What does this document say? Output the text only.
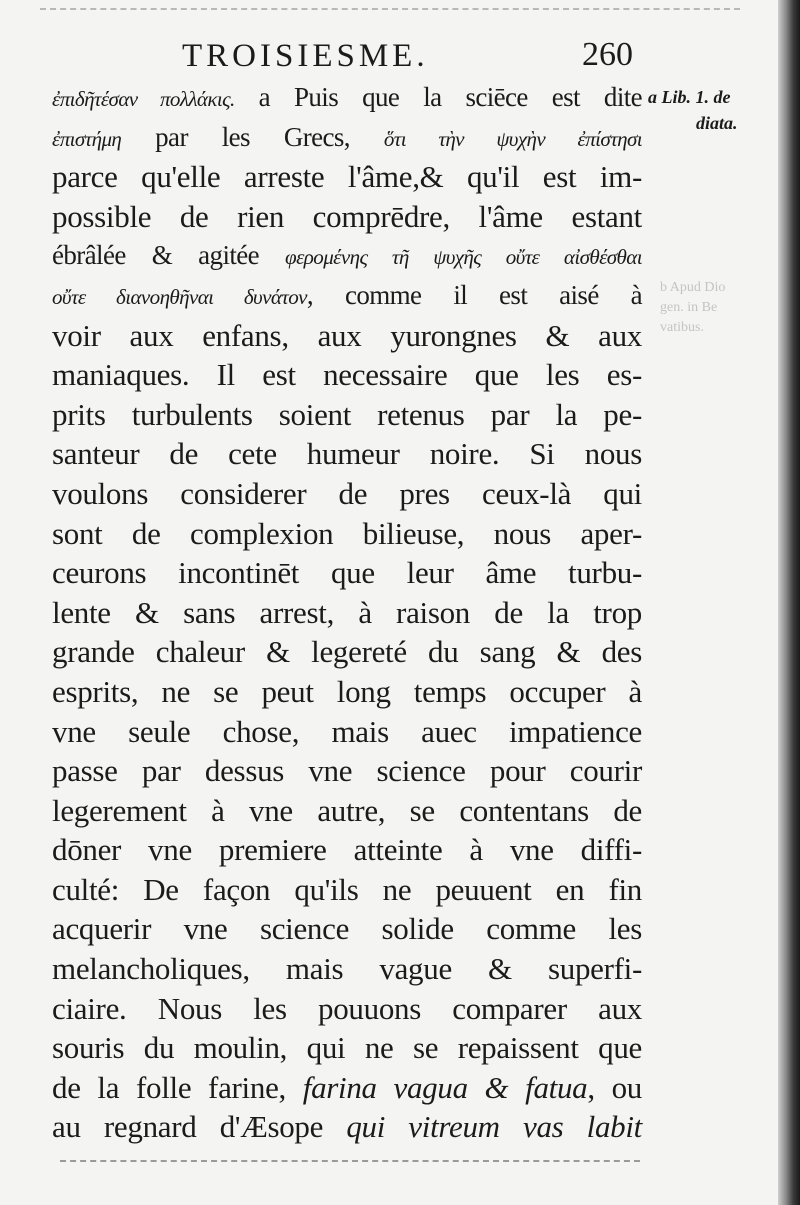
TROISIESME.	260
b Apud Dio
gen. in Be
vatibus.
ἐπιδῆτέσαν πολλάκις. a Puis que la sciēce est dite
ἐπιστήμη par les Grecs, ὅτι τὴν ψυχὴν ἐπίστησι
parce qu'elle arreste l'âme,& qu'il est im-
possible de rien comprēdre, l'âme estant
ébrâlée & agitée φερομένης τῆ ψυχῆς οὔτε αἰσθέσθαι
οὔτε διανοηθῆναι δυνάτον, comme il est aisé à
voir aux enfans, aux yurongnes & aux
maniaques. Il est necessaire que les es-
prits turbulents soient retenus par la pe-
santeur de cete humeur noire. Si nous
voulons considerer de pres ceux-là qui
sont de complexion bilieuse, nous aper-
ceurons incontinēt que leur âme turbu-
lente & sans arrest, à raison de la trop
grande chaleur & legereté du sang & des
esprits, ne se peut long temps occuper à
vne seule chose, mais auec impatience
passe par dessus vne science pour courir
legerement à vne autre, se contentans de
dōner vne premiere atteinte à vne diffi-
culté: De façon qu'ils ne peuuent en fin
acquerir vne science solide comme les
melancholiques, mais vague & superfi-
ciaire. Nous les pouuons comparer aux
souris du moulin, qui ne se repaissent que
de la folle farine, farina vagua & fatua, ou
au regnard d'Æsope qui vitreum vas labit
a Lib. 1. de
diata.
